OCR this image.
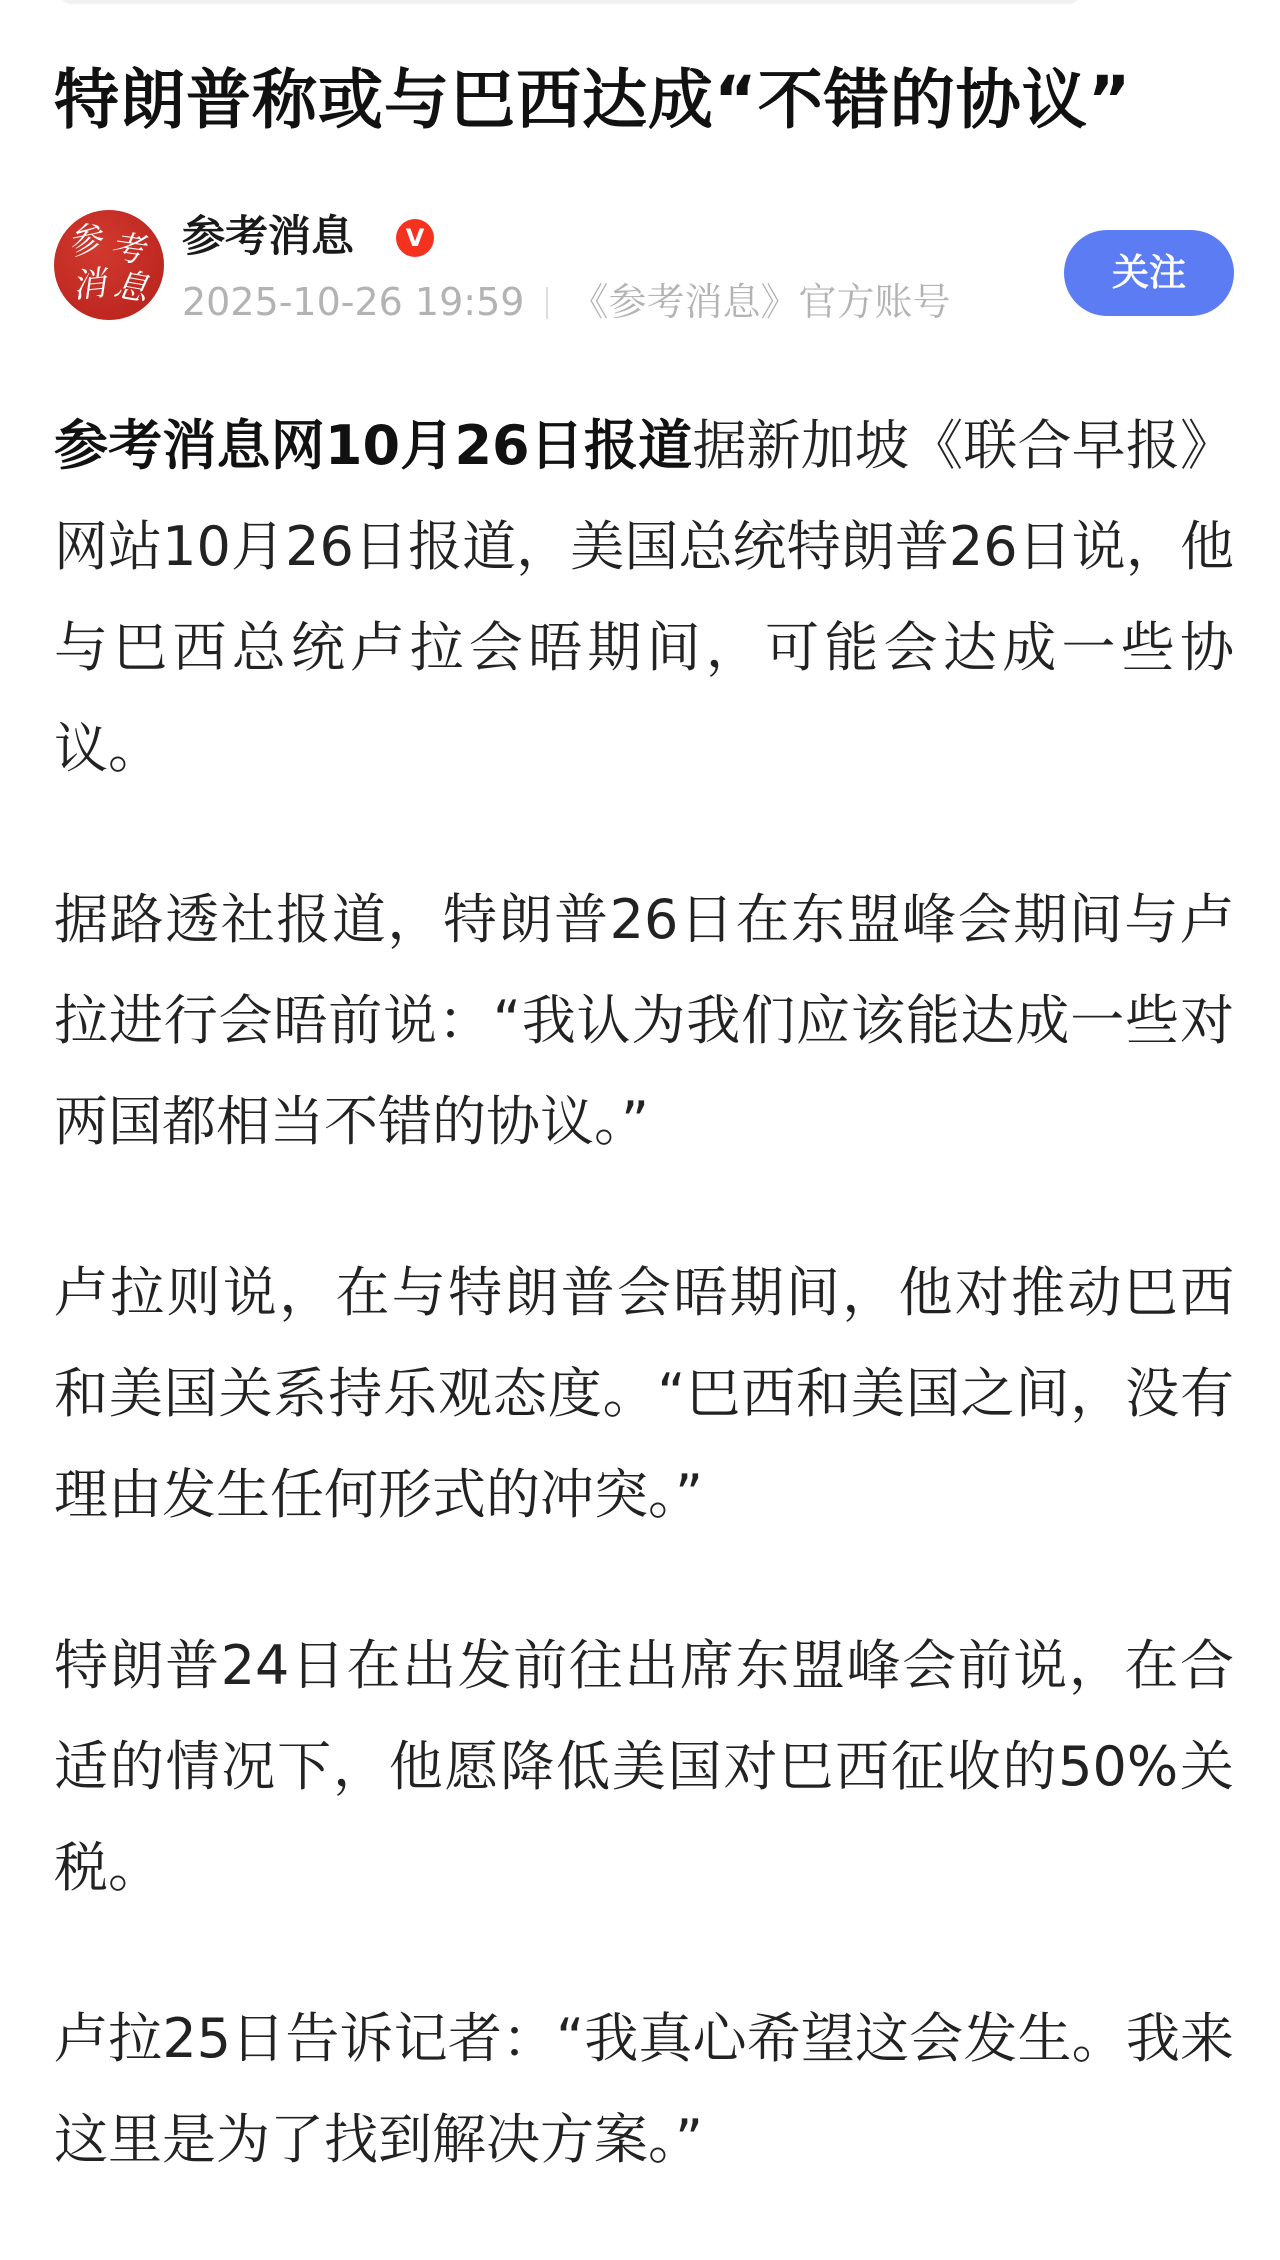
特朗普称或与巴西达成“不错的协议”
参 考
消 息
参考消息	V
2025-10-26 19:59 《参考消息》官方账号
关注

参考消息网10月26日报道据新加坡《联合早报》网站10月26日报道，美国总统特朗普26日说，他与巴西总统卢拉会晤期间，可能会达成一些协议。

据路透社报道，特朗普26日在东盟峰会期间与卢拉进行会晤前说：“我认为我们应该能达成一些对两国都相当不错的协议。”

卢拉则说，在与特朗普会晤期间，他对推动巴西和美国关系持乐观态度。“巴西和美国之间，没有理由发生任何形式的冲突。”

特朗普24日在出发前往出席东盟峰会前说，在合适的情况下，他愿降低美国对巴西征收的50%关税。

卢拉25日告诉记者：“我真心希望这会发生。我来这里是为了找到解决方案。”
